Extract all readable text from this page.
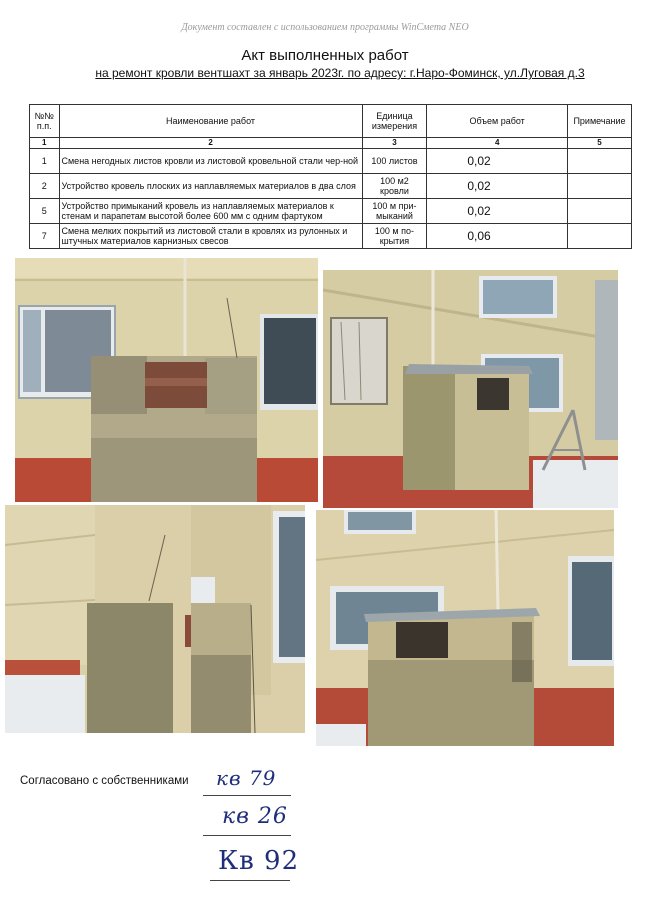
Документ составлен с использованием программы WinСмета NEO
Акт выполненных работ
на ремонт кровли вентшахт за январь 2023г. по адресу: г.Наро-Фоминск, ул.Луговая д.3
№№ п.п.	Наименование работ	Единица измерения	Объем работ	Примечание
1	2	3	4	5
1	Смена негодных листов кровли из листовой кровельной стали чер-ной	100 листов	0,02	
2	Устройство кровель плоских из наплавляемых материалов в два слоя	100 м2 кровли	0,02	
5	Устройство примыканий кровель из наплавляемых материалов к стенам и парапетам высотой более 600 мм с одним фартуком	100 м при-мыканий	0,02	
7	Смена мелких покрытий из листовой стали в кровлях из рулонных и штучных материалов карнизных свесов	100 м по-крытия	0,06	
Согласовано с собственниками кв 79
кв 26
Кв 92
